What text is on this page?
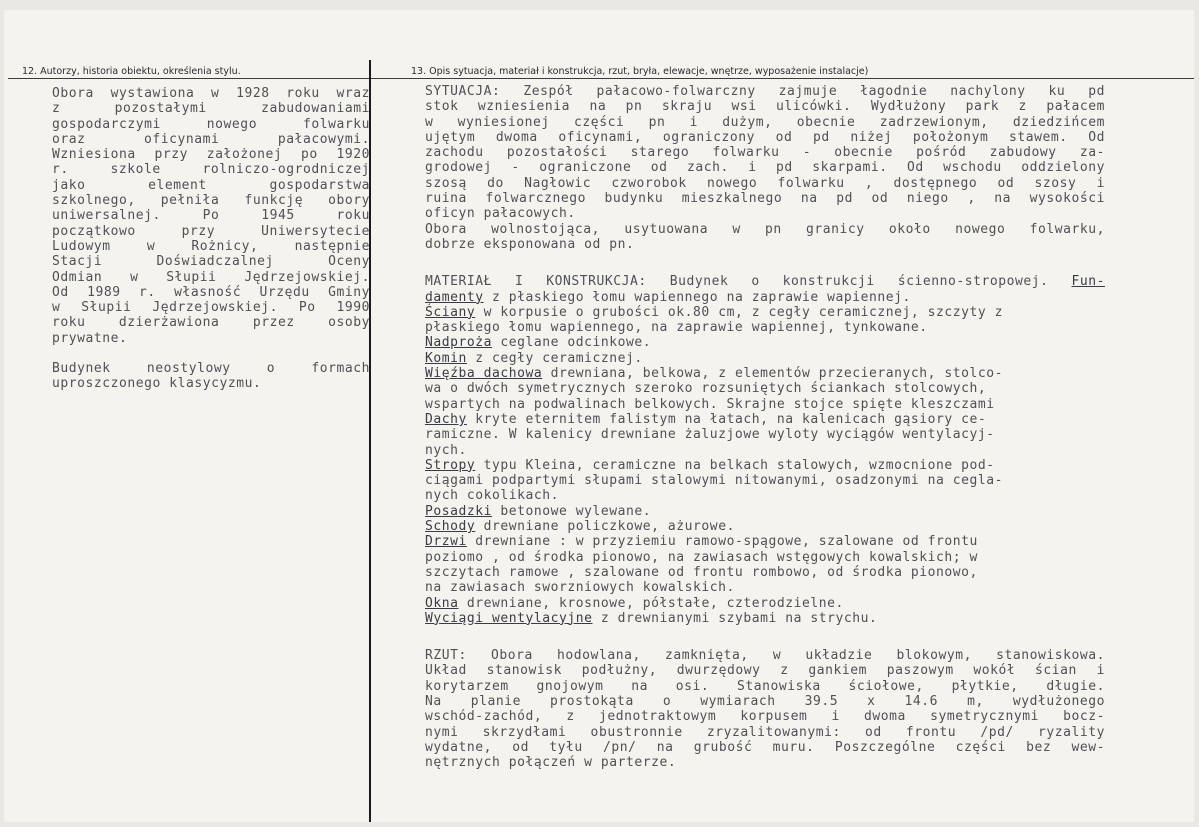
12. Autorzy, historia obiektu, określenia stylu.	13. Opis sytuacja, materiał i konstrukcja, rzut, bryła, elewacje, wnętrze, wyposażenie instalacje)
Obora wystawiona w 1928 roku wraz
z pozostałymi zabudowaniami
gospodarczymi nowego folwarku
oraz oficynami pałacowymi.
Wzniesiona przy założonej po 1920
r. szkole rolniczo-ogrodniczej
jako element gospodarstwa
szkolnego, pełniła funkcję obory
uniwersalnej. Po 1945 roku
początkowo przy Uniwersytecie
Ludowym w Rożnicy, następnie
Stacji Doświadczalnej Oceny
Odmian w Słupii Jędrzejowskiej.
Od 1989 r. własność Urzędu Gminy
w Słupii Jędrzejowskiej. Po 1990
roku dzierżawiona przez osoby
prywatne.
Budynek neostylowy o formach
uproszczonego klasycyzmu.
SYTUACJA: Zespół pałacowo-folwarczny zajmuje łagodnie nachylony ku pd
stok wzniesienia na pn skraju wsi ulicówki. Wydłużony park z pałacem
w wyniesionej części pn i dużym, obecnie zadrzewionym, dziedzińcem
ujętym dwoma oficynami, ograniczony od pd niżej położonym stawem. Od
zachodu pozostałości starego folwarku - obecnie pośród zabudowy za-
grodowej - ograniczone od zach. i pd skarpami. Od wschodu oddzielony
szosą do Nagłowic czworobok nowego folwarku , dostępnego od szosy i
ruina folwarcznego budynku mieszkalnego na pd od niego , na wysokości
oficyn pałacowych.
Obora wolnostojąca, usytuowana w pn granicy około nowego folwarku,
dobrze eksponowana od pn.
MATERIAŁ I KONSTRUKCJA: Budynek o konstrukcji ścienno-stropowej. Fun-
damenty z płaskiego łomu wapiennego na zaprawie wapiennej.
Ściany w korpusie o grubości ok.80 cm, z cegły ceramicznej, szczyty z
płaskiego łomu wapiennego, na zaprawie wapiennej, tynkowane.
Nadproża ceglane odcinkowe.
Komin z cegły ceramicznej.
Więźba dachowa drewniana, belkowa, z elementów przecieranych, stolco-
wa o dwóch symetrycznych szeroko rozsuniętych ściankach stolcowych,
wspartych na podwalinach belkowych. Skrajne stojce spięte kleszczami
Dachy kryte eternitem falistym na łatach, na kalenicach gąsiory ce-
ramiczne. W kalenicy drewniane żaluzjowe wyloty wyciągów wentylacyj-
nych.
Stropy typu Kleina, ceramiczne na belkach stalowych, wzmocnione pod-
ciągami podpartymi słupami stalowymi nitowanymi, osadzonymi na cegla-
nych cokolikach.
Posadzki betonowe wylewane.
Schody drewniane policzkowe, ażurowe.
Drzwi drewniane : w przyziemiu ramowo-spągowe, szalowane od frontu
poziomo , od środka pionowo, na zawiasach wstęgowych kowalskich; w
szczytach ramowe , szalowane od frontu rombowo, od środka pionowo,
na zawiasach sworzniowych kowalskich.
Okna drewniane, krosnowe, półstałe, czterodzielne.
Wyciągi wentylacyjne z drewnianymi szybami na strychu.
RZUT: Obora hodowlana, zamknięta, w układzie blokowym, stanowiskowa.
Układ stanowisk podłużny, dwurzędowy z gankiem paszowym wokół ścian i
korytarzem gnojowym na osi. Stanowiska ściołowe, płytkie, długie.
Na planie prostokąta o wymiarach 39.5 x 14.6 m, wydłużonego
wschód-zachód, z jednotraktowym korpusem i dwoma symetrycznymi bocz-
nymi skrzydłami obustronnie zryzalitowanymi: od frontu /pd/ ryzality
wydatne, od tyłu /pn/ na grubość muru. Poszczególne części bez wew-
nętrznych połączeń w parterze.
